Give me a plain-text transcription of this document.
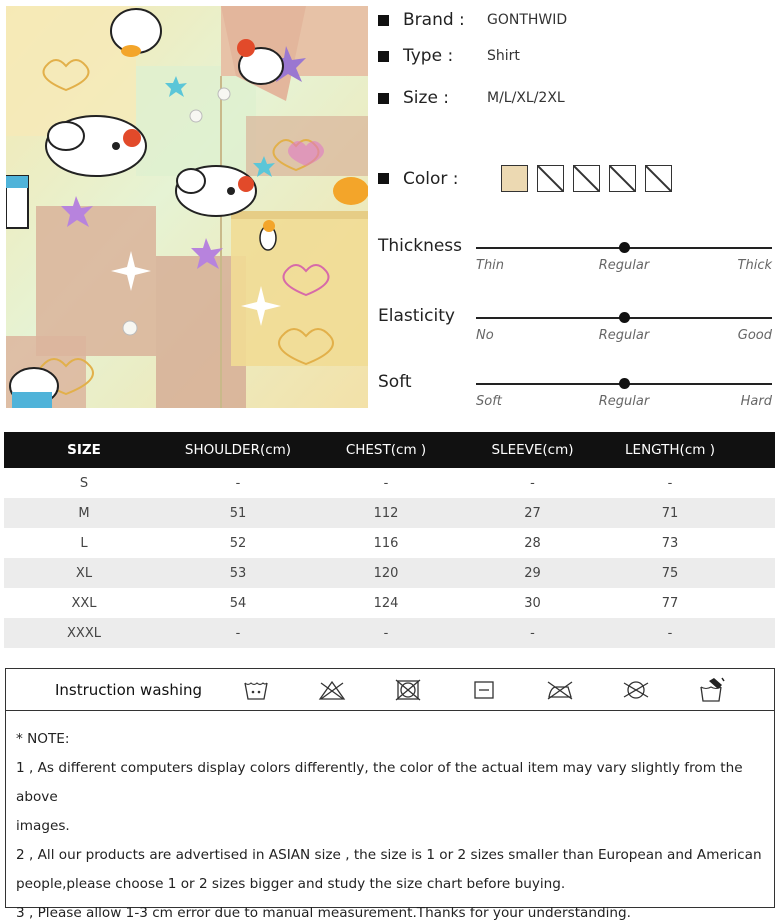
Brand :	GONTHWID
Type :	Shirt
Size :	M/L/XL/2XL
Color :
Thickness
Thin	Regular	Thick
Elasticity
No	Regular	Good
Soft
Soft	Regular	Hard
SIZE	SHOULDER(cm)	CHEST(cm )	SLEEVE(cm)	LENGTH(cm )
S	-	-	-	-
M	51	112	27	71
L	52	116	28	73
XL	53	120	29	75
XXL	54	124	30	77
XXXL	-	-	-	-
Instruction washing
* NOTE:
1 , As different computers display colors differently, the color of the actual item may vary slightly from the above
images.
2 , All our products are advertised in ASIAN size , the size is 1 or 2 sizes smaller than European and American
people,please choose 1 or 2 sizes bigger and study the size chart before buying.
3 , Please allow 1-3 cm error due to manual measurement.Thanks for your understanding.
